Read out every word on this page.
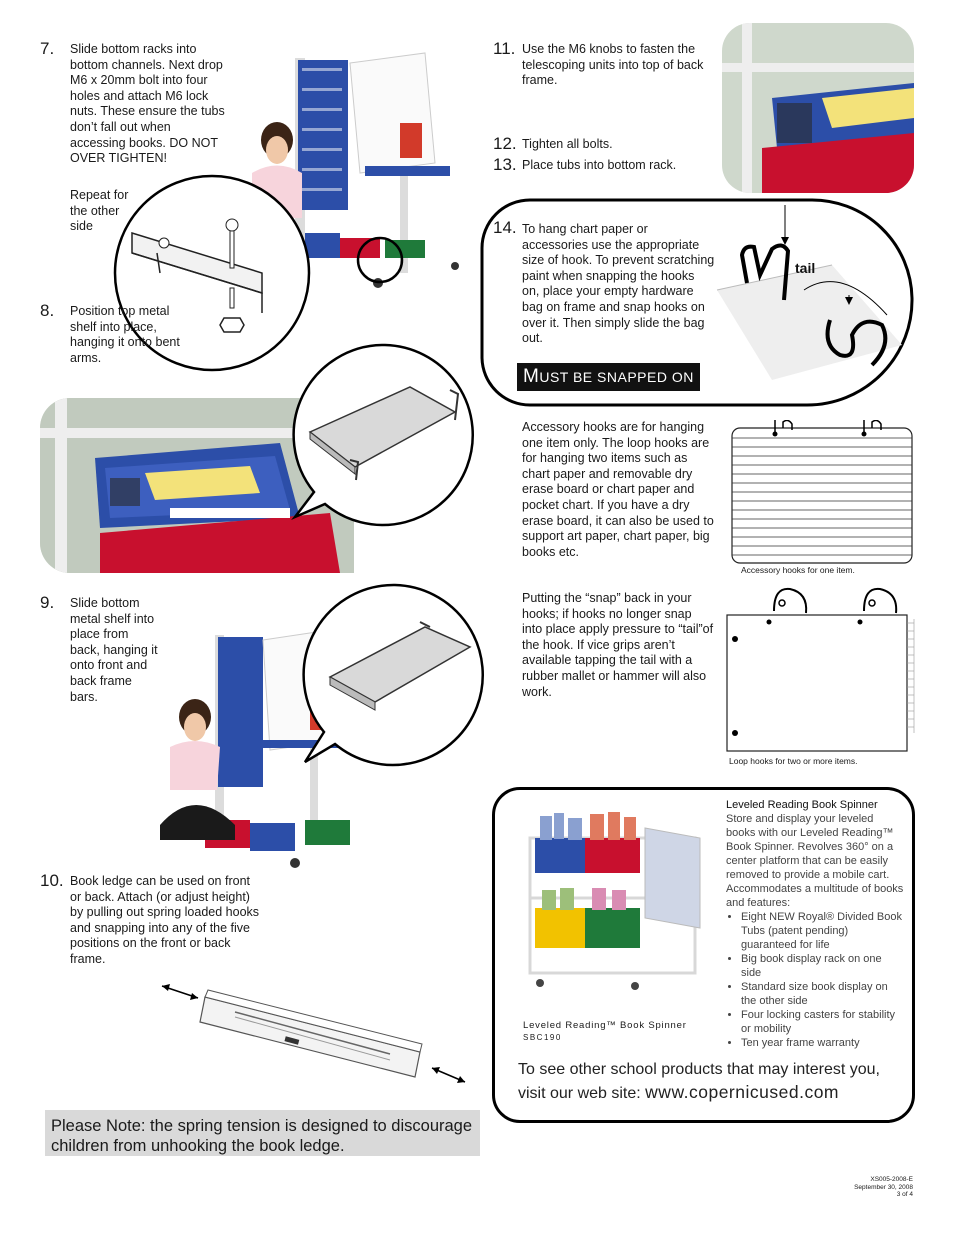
7. Slide bottom racks into bottom channels. Next drop M6 x 20mm bolt into four holes and attach M6 lock nuts. These ensure the tubs don’t fall out when accessing books. DO NOT OVER TIGHTEN!
Repeat for the other side
8. Position top metal shelf into place, hanging it onto bent arms.
9. Slide bottom metal shelf into place from back, hanging it onto front and back frame bars.
10. Book ledge can be used on front or back. Attach (or adjust height) by pulling out spring loaded hooks and snapping into any of the five positions on the front or back frame.
Please Note: the spring tension is designed to discourage children from unhooking the book ledge.
11. Use the M6 knobs to fasten the telescoping units into top of back frame.
12. Tighten all bolts.
13. Place tubs into bottom rack.
14. To hang chart paper or accessories use the appropriate size of hook. To prevent scratching paint when snapping the hooks on, place your empty hardware bag on frame and snap hooks on over it. Then simply slide the bag out.
MUST BE SNAPPED ON
tail
Accessory hooks are for hanging one item only. The loop hooks are for hanging two items such as chart paper and removable dry erase board or chart paper and pocket chart. If you have a dry erase board, it can also be used to support art paper, chart paper, big books etc.
Putting the “snap” back in your hooks; if hooks no longer snap into place apply pressure to “tail”of the hook. If vice grips aren’t available tapping the tail with a rubber mallet or hammer will also work.
Accessory hooks for one item.
Loop hooks for two or more items.
Leveled Reading Book Spinner
Store and display your leveled books with our Leveled Reading™ Book Spinner. Revolves 360° on a center platform that can be easily removed to provide a mobile cart. Accommodates a multitude of books and features:
• Eight NEW Royal® Divided Book Tubs (patent pending) guaranteed for life
• Big book display rack on one side
• Standard size book display on the other side
• Four locking casters for stability or mobility
• Ten year frame warranty
Leveled Reading™ Book Spinner
SBC190
To see other school products that may interest you, visit our web site: www.copernicused.com
XS005-2008-E
September 30, 2008
3 of 4
